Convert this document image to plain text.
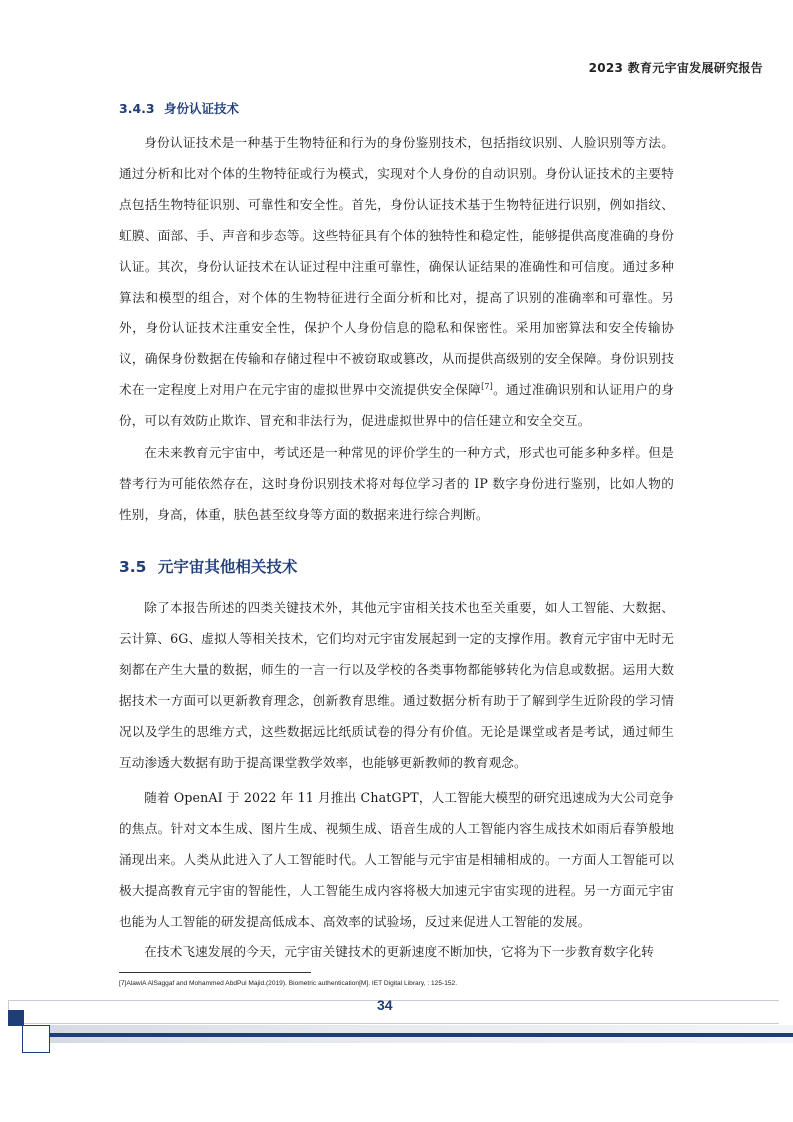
2023 教育元宇宙发展研究报告
3.4.3 身份认证技术

身份认证技术是一种基于生物特征和行为的身份鉴别技术，包括指纹识别、人脸识别等方法。通过分析和比对个体的生物特征或行为模式，实现对个人身份的自动识别。身份认证技术的主要特点包括生物特征识别、可靠性和安全性。首先，身份认证技术基于生物特征进行识别，例如指纹、虹膜、面部、手、声音和步态等。这些特征具有个体的独特性和稳定性，能够提供高度准确的身份认证。其次，身份认证技术在认证过程中注重可靠性，确保认证结果的准确性和可信度。通过多种算法和模型的组合，对个体的生物特征进行全面分析和比对，提高了识别的准确率和可靠性。另外，身份认证技术注重安全性，保护个人身份信息的隐私和保密性。采用加密算法和安全传输协议，确保身份数据在传输和存储过程中不被窃取或篡改，从而提供高级别的安全保障。身份识别技术在一定程度上对用户在元宇宙的虚拟世界中交流提供安全保障[7]。通过准确识别和认证用户的身份，可以有效防止欺诈、冒充和非法行为，促进虚拟世界中的信任建立和安全交互。

在未来教育元宇宙中，考试还是一种常见的评价学生的一种方式，形式也可能多种多样。但是替考行为可能依然存在，这时身份识别技术将对每位学习者的 IP 数字身份进行鉴别，比如人物的性别，身高，体重，肤色甚至纹身等方面的数据来进行综合判断。

3.5 元宇宙其他相关技术

除了本报告所述的四类关键技术外，其他元宇宙相关技术也至关重要，如人工智能、大数据、云计算、6G、虚拟人等相关技术，它们均对元宇宙发展起到一定的支撑作用。教育元宇宙中无时无刻都在产生大量的数据，师生的一言一行以及学校的各类事物都能够转化为信息或数据。运用大数据技术一方面可以更新教育理念，创新教育思维。通过数据分析有助于了解到学生近阶段的学习情况以及学生的思维方式，这些数据远比纸质试卷的得分有价值。无论是课堂或者是考试，通过师生互动渗透大数据有助于提高课堂教学效率，也能够更新教师的教育观念。

随着 OpenAI 于 2022 年 11 月推出 ChatGPT，人工智能大模型的研究迅速成为大公司竞争的焦点。针对文本生成、图片生成、视频生成、语音生成的人工智能内容生成技术如雨后春笋般地涌现出来。人类从此进入了人工智能时代。人工智能与元宇宙是相辅相成的。一方面人工智能可以极大提高教育元宇宙的智能性，人工智能生成内容将极大加速元宇宙实现的进程。另一方面元宇宙也能为人工智能的研发提高低成本、高效率的试验场，反过来促进人工智能的发展。

在技术飞速发展的今天，元宇宙关键技术的更新速度不断加快，它将为下一步教育数字化转

[7]AlawiA AlSaggaf and Mohammed AbdPul Majid.(2019). Biometric authentication[M]. IET Digital Library, : 125-152.
34
